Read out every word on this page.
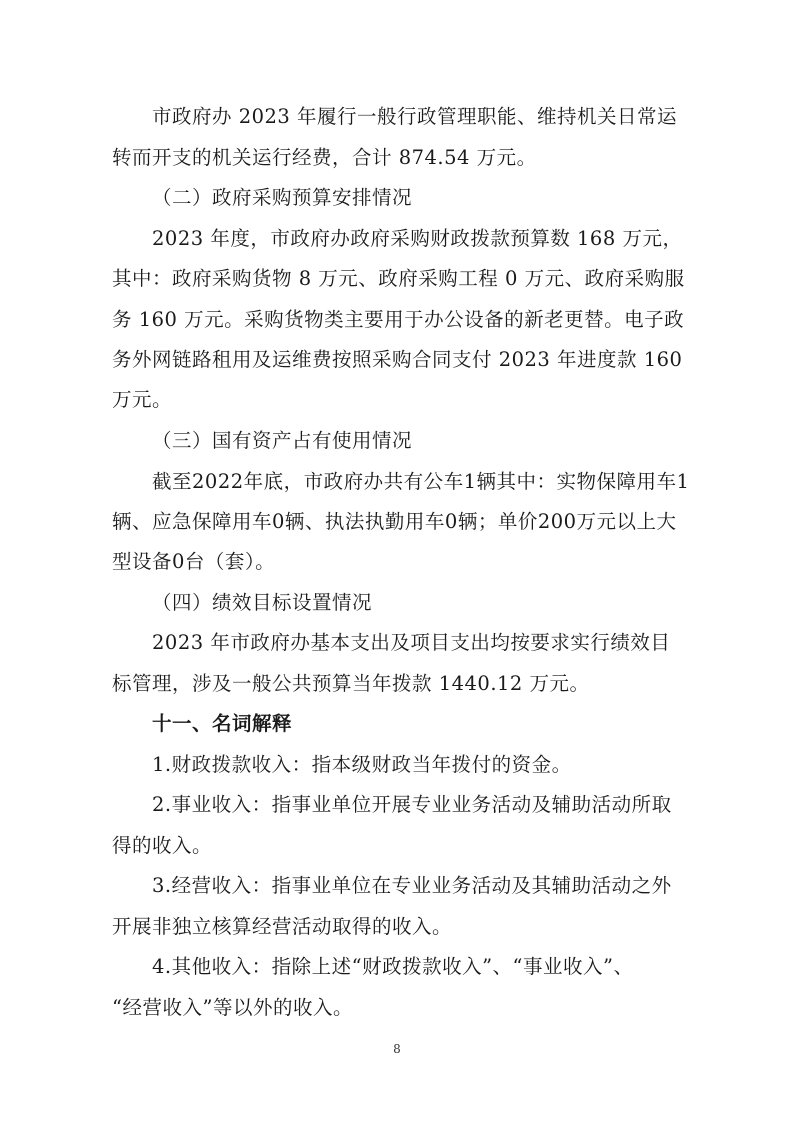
市政府办 2023 年履行一般行政管理职能、维持机关日常运
转而开支的机关运行经费，合计 874.54 万元。
（二）政府采购预算安排情况
2023 年度，市政府办政府采购财政拨款预算数 168 万元，
其中：政府采购货物 8 万元、政府采购工程 0 万元、政府采购服
务 160 万元。采购货物类主要用于办公设备的新老更替。电子政
务外网链路租用及运维费按照采购合同支付 2023 年进度款 160
万元。
（三）国有资产占有使用情况
截至2022年底，市政府办共有公车1辆其中：实物保障用车1
辆、应急保障用车0辆、执法执勤用车0辆；单价200万元以上大
型设备0台（套）。
（四）绩效目标设置情况
2023 年市政府办基本支出及项目支出均按要求实行绩效目
标管理，涉及一般公共预算当年拨款 1440.12 万元。
十一、名词解释
1.财政拨款收入：指本级财政当年拨付的资金。
2.事业收入：指事业单位开展专业业务活动及辅助活动所取
得的收入。
3.经营收入：指事业单位在专业业务活动及其辅助活动之外
开展非独立核算经营活动取得的收入。
4.其他收入：指除上述“财政拨款收入”、“事业收入”、
“经营收入”等以外的收入。
8
